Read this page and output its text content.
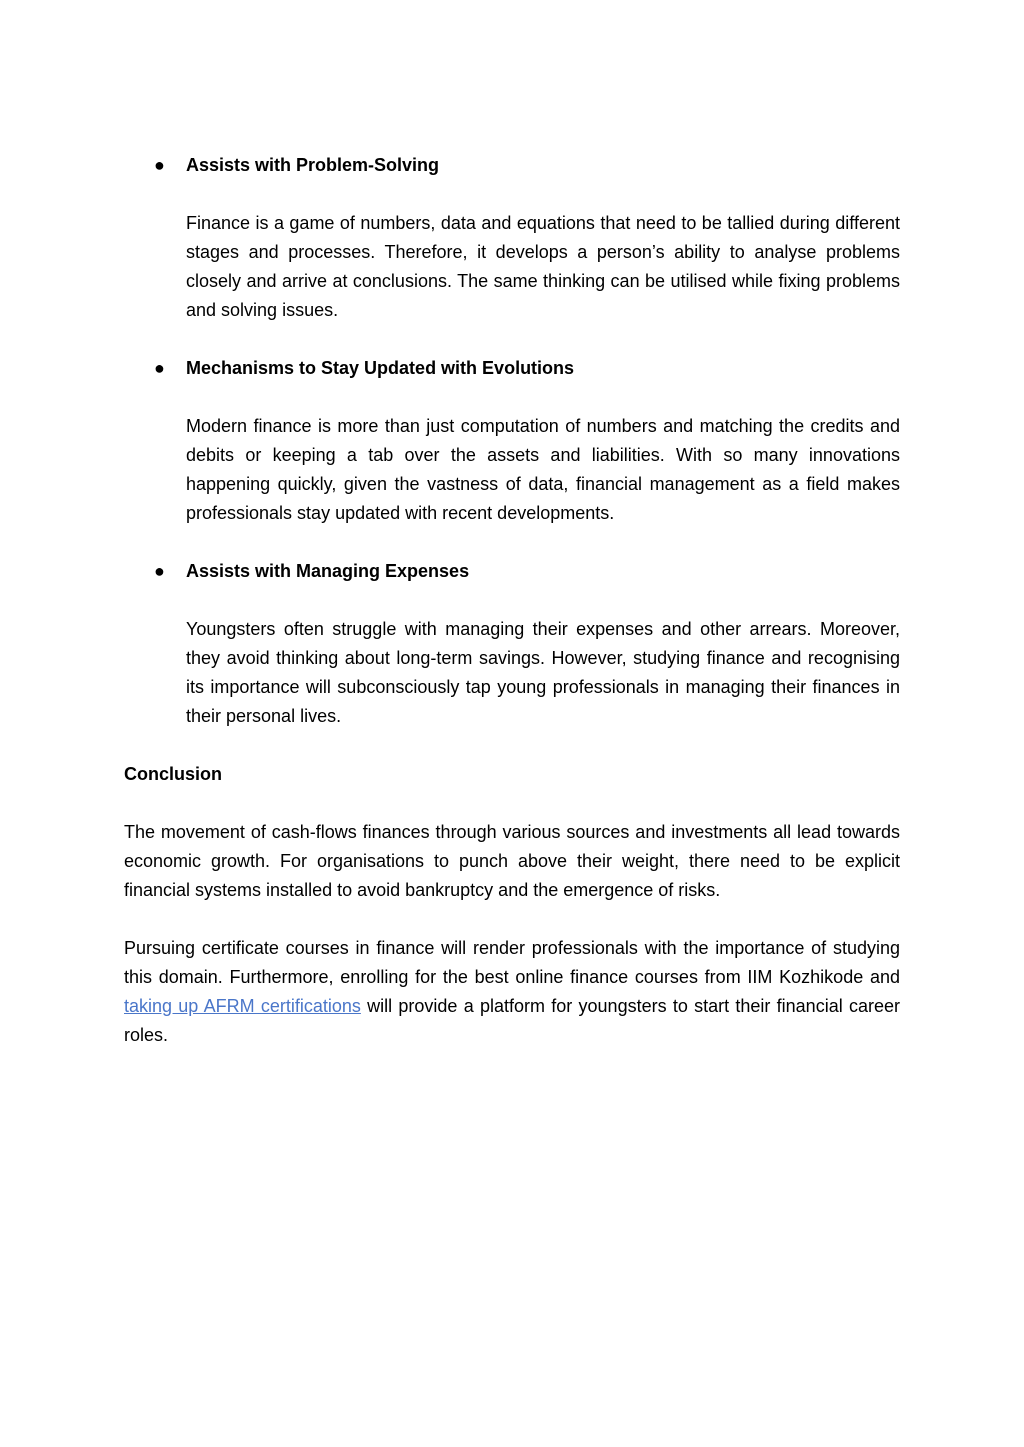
● Assists with Problem-Solving

Finance is a game of numbers, data and equations that need to be tallied during different stages and processes. Therefore, it develops a person’s ability to analyse problems closely and arrive at conclusions. The same thinking can be utilised while fixing problems and solving issues.

● Mechanisms to Stay Updated with Evolutions

Modern finance is more than just computation of numbers and matching the credits and debits or keeping a tab over the assets and liabilities. With so many innovations happening quickly, given the vastness of data, financial management as a field makes professionals stay updated with recent developments.

● Assists with Managing Expenses

Youngsters often struggle with managing their expenses and other arrears. Moreover, they avoid thinking about long-term savings. However, studying finance and recognising its importance will subconsciously tap young professionals in managing their finances in their personal lives.

Conclusion

The movement of cash-flows finances through various sources and investments all lead towards economic growth. For organisations to punch above their weight, there need to be explicit financial systems installed to avoid bankruptcy and the emergence of risks.

Pursuing certificate courses in finance will render professionals with the importance of studying this domain. Furthermore, enrolling for the best online finance courses from IIM Kozhikode and taking up AFRM certifications will provide a platform for youngsters to start their financial career roles.
